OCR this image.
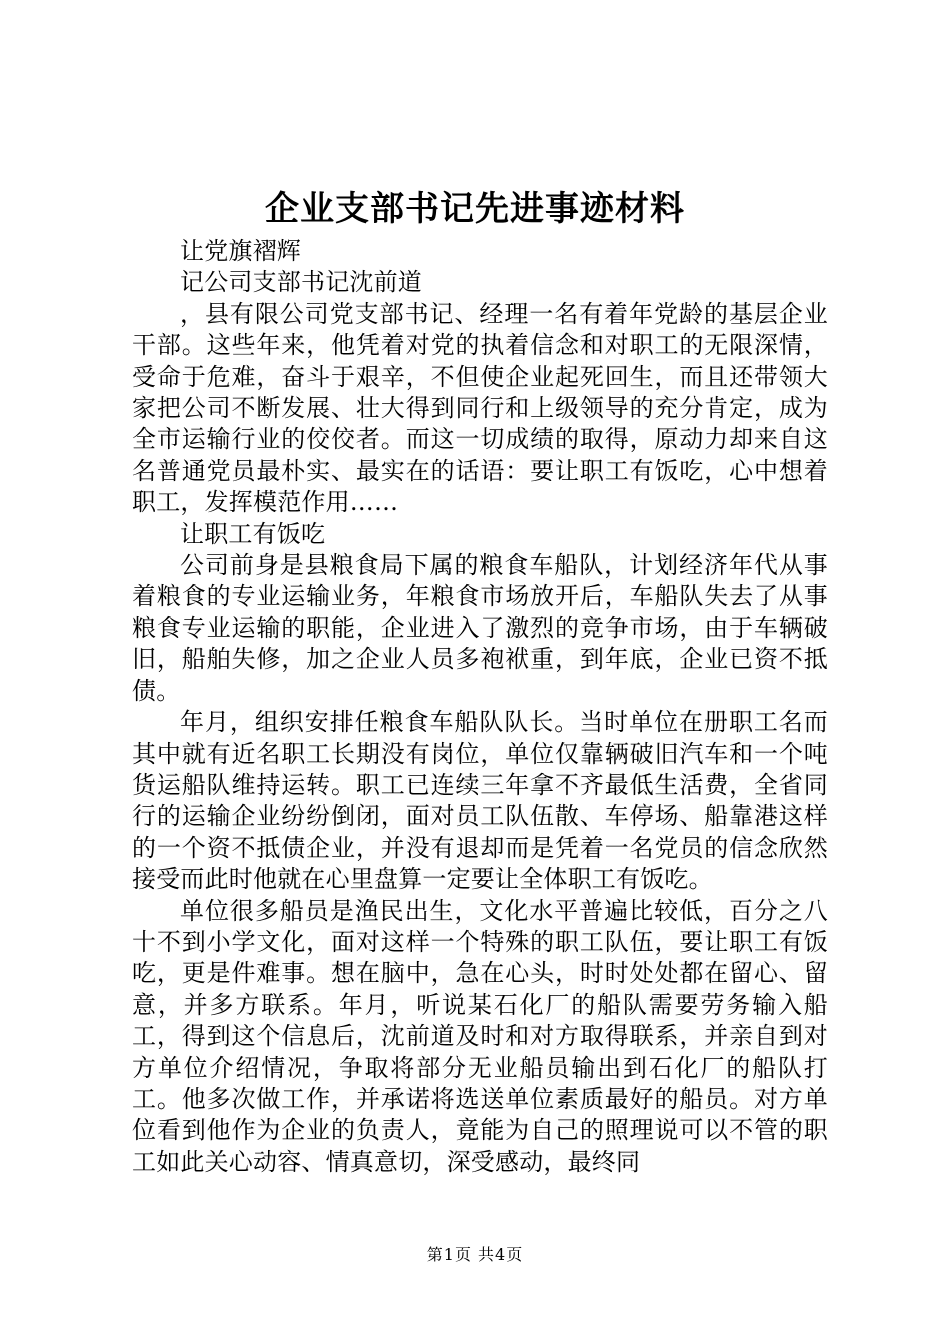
企业支部书记先进事迹材料

让党旗褶辉

记公司支部书记沈前道

，县有限公司党支部书记、经理一名有着年党龄的基层企业干部。这些年来，他凭着对党的执着信念和对职工的无限深情，受命于危难，奋斗于艰辛，不但使企业起死回生，而且还带领大家把公司不断发展、壮大得到同行和上级领导的充分肯定，成为全市运输行业的佼佼者。而这一切成绩的取得，原动力却来自这名普通党员最朴实、最实在的话语：要让职工有饭吃，心中想着职工，发挥模范作用……

让职工有饭吃

公司前身是县粮食局下属的粮食车船队，计划经济年代从事着粮食的专业运输业务，年粮食市场放开后，车船队失去了从事粮食专业运输的职能，企业进入了激烈的竞争市场，由于车辆破旧，船舶失修，加之企业人员多袍袱重，到年底，企业已资不抵债。

年月，组织安排任粮食车船队队长。当时单位在册职工名而其中就有近名职工长期没有岗位，单位仅靠辆破旧汽车和一个吨货运船队维持运转。职工已连续三年拿不齐最低生活费，全省同行的运输企业纷纷倒闭，面对员工队伍散、车停场、船靠港这样的一个资不抵债企业，并没有退却而是凭着一名党员的信念欣然接受而此时他就在心里盘算一定要让全体职工有饭吃。

单位很多船员是渔民出生，文化水平普遍比较低，百分之八十不到小学文化，面对这样一个特殊的职工队伍，要让职工有饭吃，更是件难事。想在脑中，急在心头，时时处处都在留心、留意，并多方联系。年月，听说某石化厂的船队需要劳务输入船工，得到这个信息后，沈前道及时和对方取得联系，并亲自到对方单位介绍情况，争取将部分无业船员输出到石化厂的船队打工。他多次做工作，并承诺将选送单位素质最好的船员。对方单位看到他作为企业的负责人，竟能为自己的照理说可以不管的职工如此关心动容、情真意切，深受感动，最终同

第1页 共4页
